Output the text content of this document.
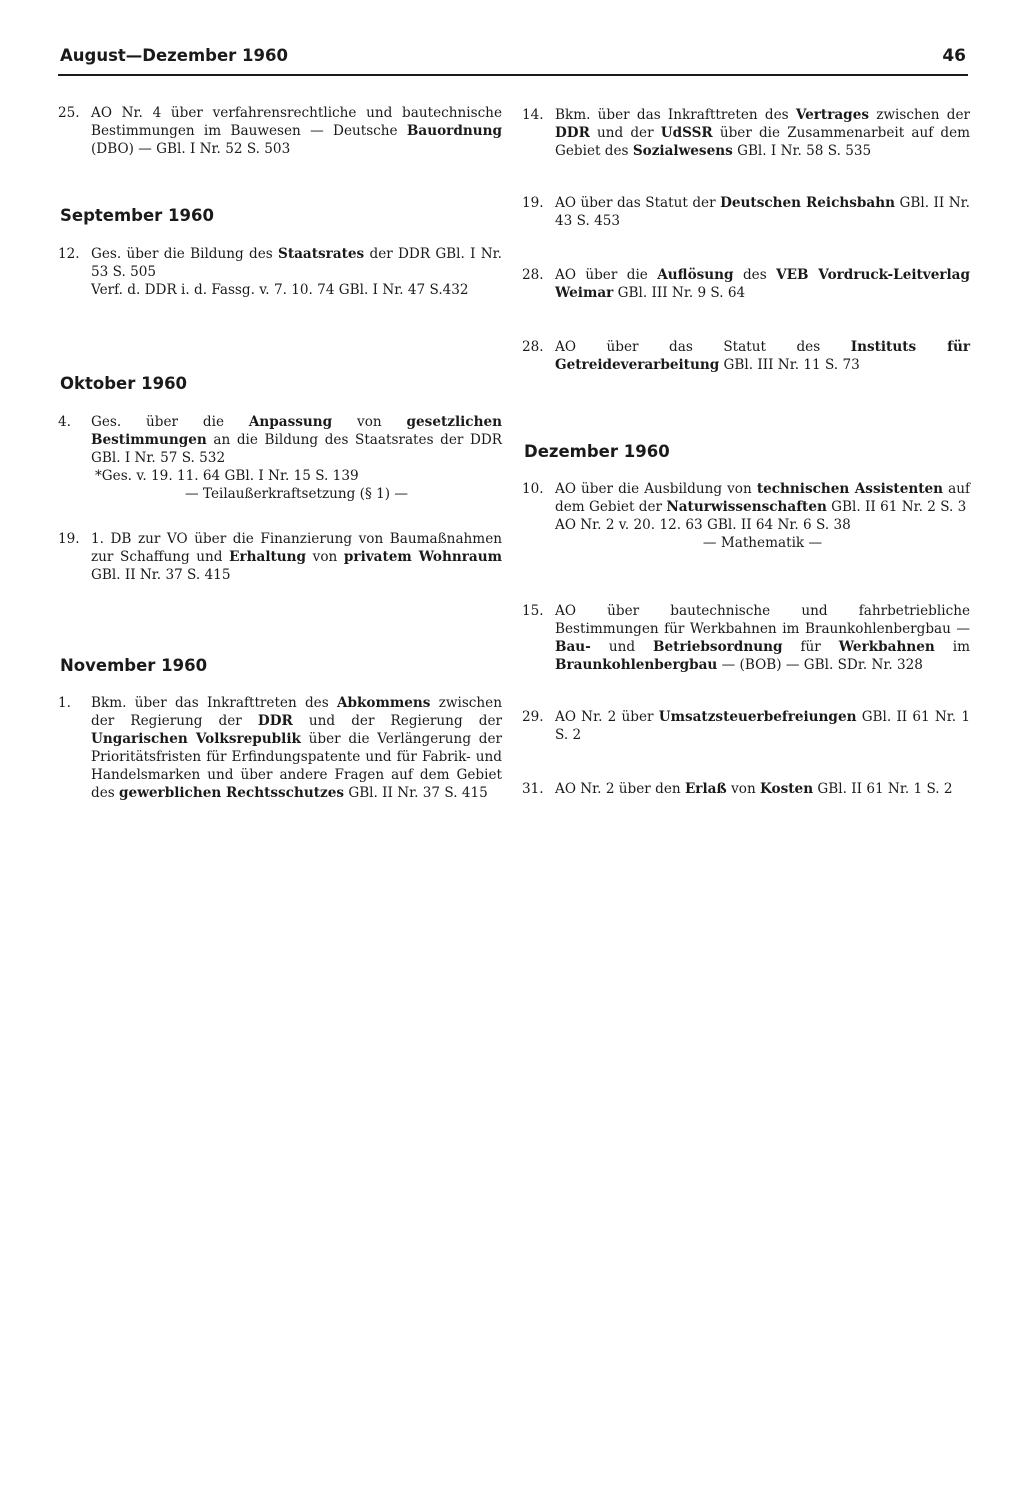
August—Dezember 1960	46
25. AO Nr. 4 über verfahrensrechtliche und bautechnische Bestimmungen im Bauwesen — Deutsche Bauordnung (DBO) — GBl. I Nr. 52 S. 503
September 1960
12. Ges. über die Bildung des Staatsrates der DDR GBl. I Nr. 53 S. 505
Verf. d. DDR i. d. Fassg. v. 7. 10. 74 GBl. I Nr. 47 S.432
Oktober 1960
4.	Ges. über die Anpassung von gesetzlichen Bestimmungen an die Bildung des Staatsrates der DDR GBl. I Nr. 57 S. 532
*Ges. v. 19. 11. 64 GBl. I Nr. 15 S. 139
— Teilaußerkraftsetzung (§ 1) —
19. 1. DB zur VO über die Finanzierung von Baumaßnahmen zur Schaffung und Erhaltung von privatem Wohnraum GBl. II Nr. 37 S. 415
November 1960
1.	Bkm. über das Inkrafttreten des Abkommens zwischen der Regierung der DDR und der Regierung der Ungarischen Volksrepublik über die Verlängerung der Prioritätsfristen für Erfindungspatente und für Fabrik- und Handelsmarken und über andere Fragen auf dem Gebiet des gewerblichen Rechtsschutzes GBl. II Nr. 37 S. 415
14. Bkm. über das Inkrafttreten des Vertrages zwischen der DDR und der UdSSR über die Zusammenarbeit auf dem Gebiet des Sozialwesens GBl. I Nr. 58 S. 535
19. AO über das Statut der Deutschen Reichsbahn GBl. II Nr. 43 S. 453
28. AO über die Auflösung des VEB Vordruck-Leitverlag Weimar GBl. III Nr. 9 S. 64
28. AO über das Statut des Instituts für Getreideverarbeitung GBl. III Nr. 11 S. 73
Dezember 1960
10. AO über die Ausbildung von technischen Assistenten auf dem Gebiet der Naturwissenschaften GBl. II 61 Nr. 2 S. 3
AO Nr. 2 v. 20. 12. 63 GBl. II 64 Nr. 6 S. 38
— Mathematik —
15. AO über bautechnische und fahrbetriebliche Bestimmungen für Werkbahnen im Braunkohlenbergbau — Bau- und Betriebsordnung für Werkbahnen im Braunkohlenbergbau — (BOB) — GBl. SDr. Nr. 328
29. AO Nr. 2 über Umsatzsteuerbefreiungen GBl. II 61 Nr. 1 S. 2
31. AO Nr. 2 über den Erlaß von Kosten GBl. II 61 Nr. 1 S. 2
